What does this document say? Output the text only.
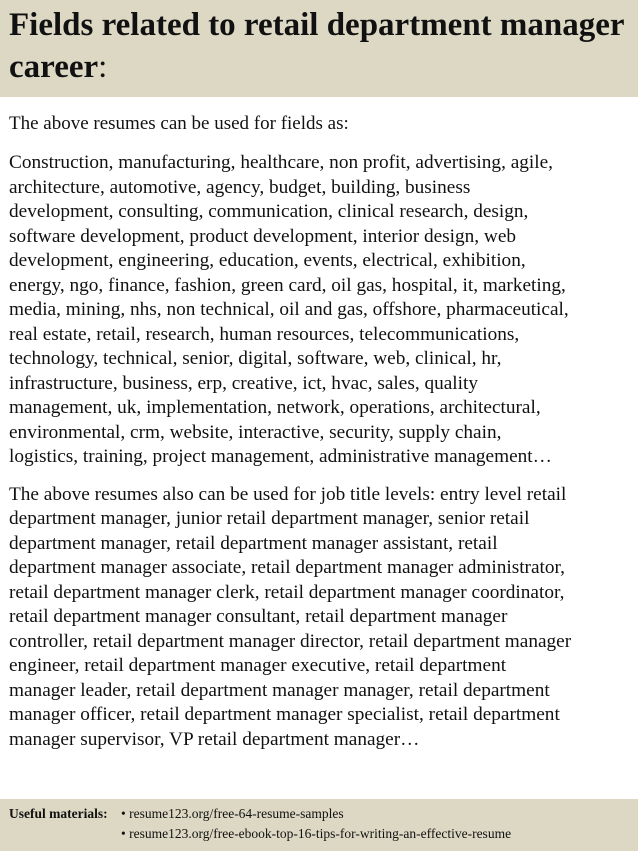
Fields related to retail department manager career:

The above resumes can be used for fields as:

Construction, manufacturing, healthcare, non profit, advertising, agile,
architecture, automotive, agency, budget, building, business
development, consulting, communication, clinical research, design,
software development, product development, interior design, web
development, engineering, education, events, electrical, exhibition,
energy, ngo, finance, fashion, green card, oil gas, hospital, it, marketing,
media, mining, nhs, non technical, oil and gas, offshore, pharmaceutical,
real estate, retail, research, human resources, telecommunications,
technology, technical, senior, digital, software, web, clinical, hr,
infrastructure, business, erp, creative, ict, hvac, sales, quality
management, uk, implementation, network, operations, architectural,
environmental, crm, website, interactive, security, supply chain,
logistics, training, project management, administrative management…

The above resumes also can be used for job title levels: entry level retail
department manager, junior retail department manager, senior retail
department manager, retail department manager assistant, retail
department manager associate, retail department manager administrator,
retail department manager clerk, retail department manager coordinator,
retail department manager consultant, retail department manager
controller, retail department manager director, retail department manager
engineer, retail department manager executive, retail department
manager leader, retail department manager manager, retail department
manager officer, retail department manager specialist, retail department
manager supervisor, VP retail department manager…

Useful materials: • resume123.org/free-64-resume-samples
• resume123.org/free-ebook-top-16-tips-for-writing-an-effective-resume
